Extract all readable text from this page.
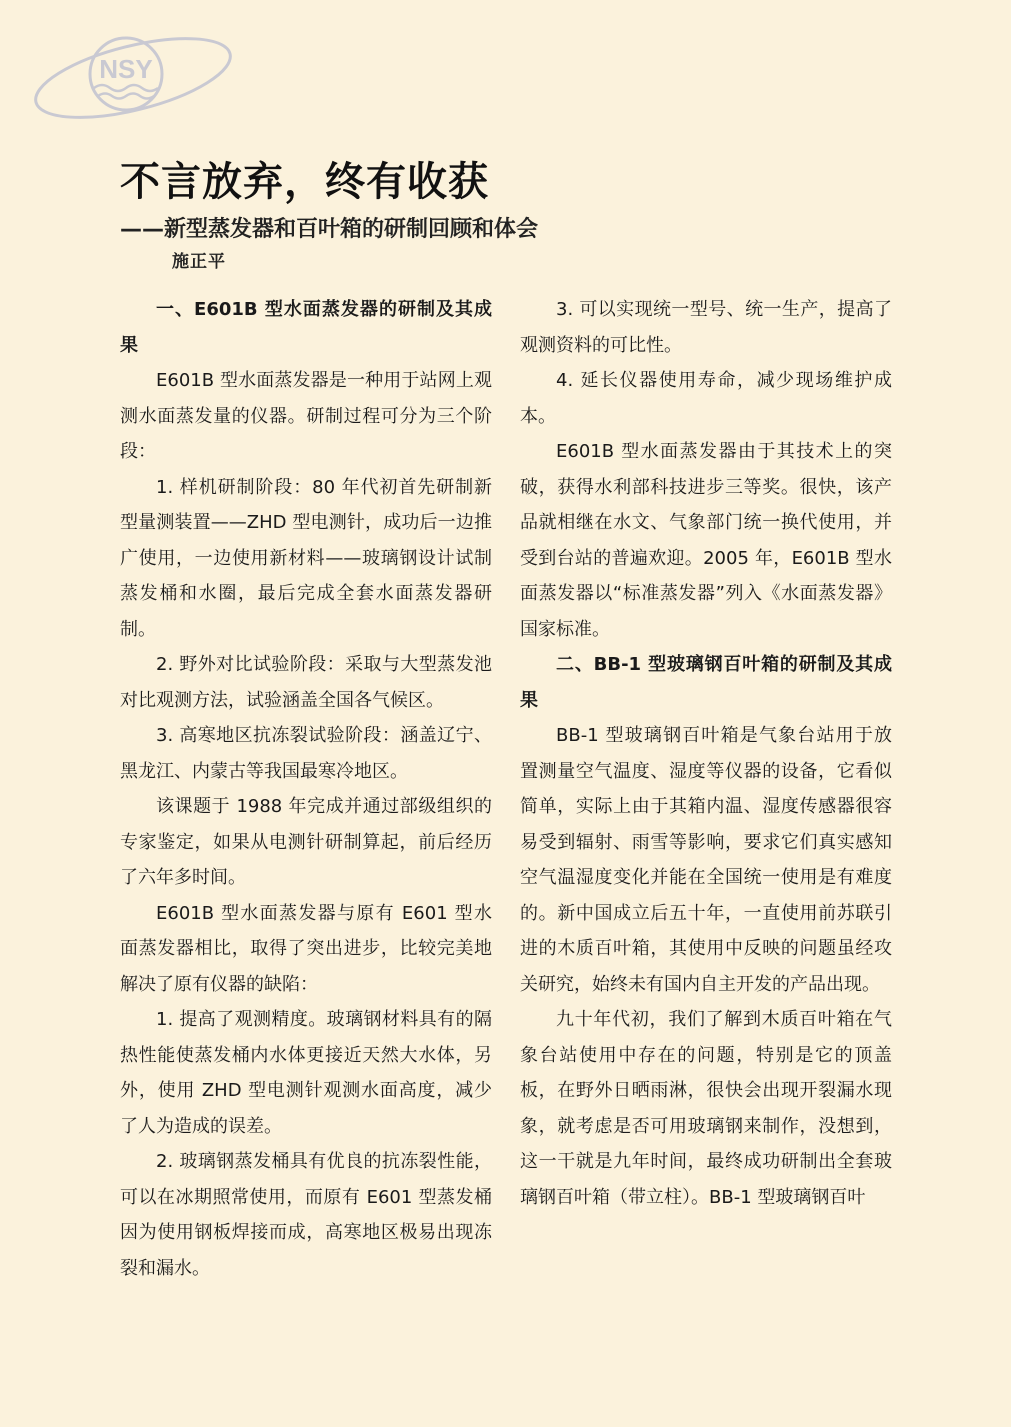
NSY
不言放弃，终有收获
——新型蒸发器和百叶箱的研制回顾和体会
施正平
一、E601B 型水面蒸发器的研制及其成果

E601B 型水面蒸发器是一种用于站网上观测水面蒸发量的仪器。研制过程可分为三个阶段：

1. 样机研制阶段：80 年代初首先研制新型量测装置——ZHD 型电测针，成功后一边推广使用，一边使用新材料——玻璃钢设计试制蒸发桶和水圈，最后完成全套水面蒸发器研制。

2. 野外对比试验阶段：采取与大型蒸发池对比观测方法，试验涵盖全国各气候区。

3. 高寒地区抗冻裂试验阶段：涵盖辽宁、黑龙江、内蒙古等我国最寒冷地区。

该课题于 1988 年完成并通过部级组织的专家鉴定，如果从电测针研制算起，前后经历了六年多时间。

E601B 型水面蒸发器与原有 E601 型水面蒸发器相比，取得了突出进步，比较完美地解决了原有仪器的缺陷：

1. 提高了观测精度。玻璃钢材料具有的隔热性能使蒸发桶内水体更接近天然大水体，另外，使用 ZHD 型电测针观测水面高度，减少了人为造成的误差。

2. 玻璃钢蒸发桶具有优良的抗冻裂性能，可以在冰期照常使用，而原有 E601 型蒸发桶因为使用钢板焊接而成，高寒地区极易出现冻裂和漏水。

3. 可以实现统一型号、统一生产，提高了观测资料的可比性。

4. 延长仪器使用寿命，减少现场维护成本。

E601B 型水面蒸发器由于其技术上的突破，获得水利部科技进步三等奖。很快，该产品就相继在水文、气象部门统一换代使用，并受到台站的普遍欢迎。2005 年，E601B 型水面蒸发器以“标准蒸发器”列入《水面蒸发器》国家标准。

二、BB-1 型玻璃钢百叶箱的研制及其成果

BB-1 型玻璃钢百叶箱是气象台站用于放置测量空气温度、湿度等仪器的设备，它看似简单，实际上由于其箱内温、湿度传感器很容易受到辐射、雨雪等影响，要求它们真实感知空气温湿度变化并能在全国统一使用是有难度的。新中国成立后五十年，一直使用前苏联引进的木质百叶箱，其使用中反映的问题虽经攻关研究，始终未有国内自主开发的产品出现。

九十年代初，我们了解到木质百叶箱在气象台站使用中存在的问题，特别是它的顶盖板，在野外日晒雨淋，很快会出现开裂漏水现象，就考虑是否可用玻璃钢来制作，没想到，这一干就是九年时间，最终成功研制出全套玻璃钢百叶箱（带立柱）。BB-1 型玻璃钢百叶
